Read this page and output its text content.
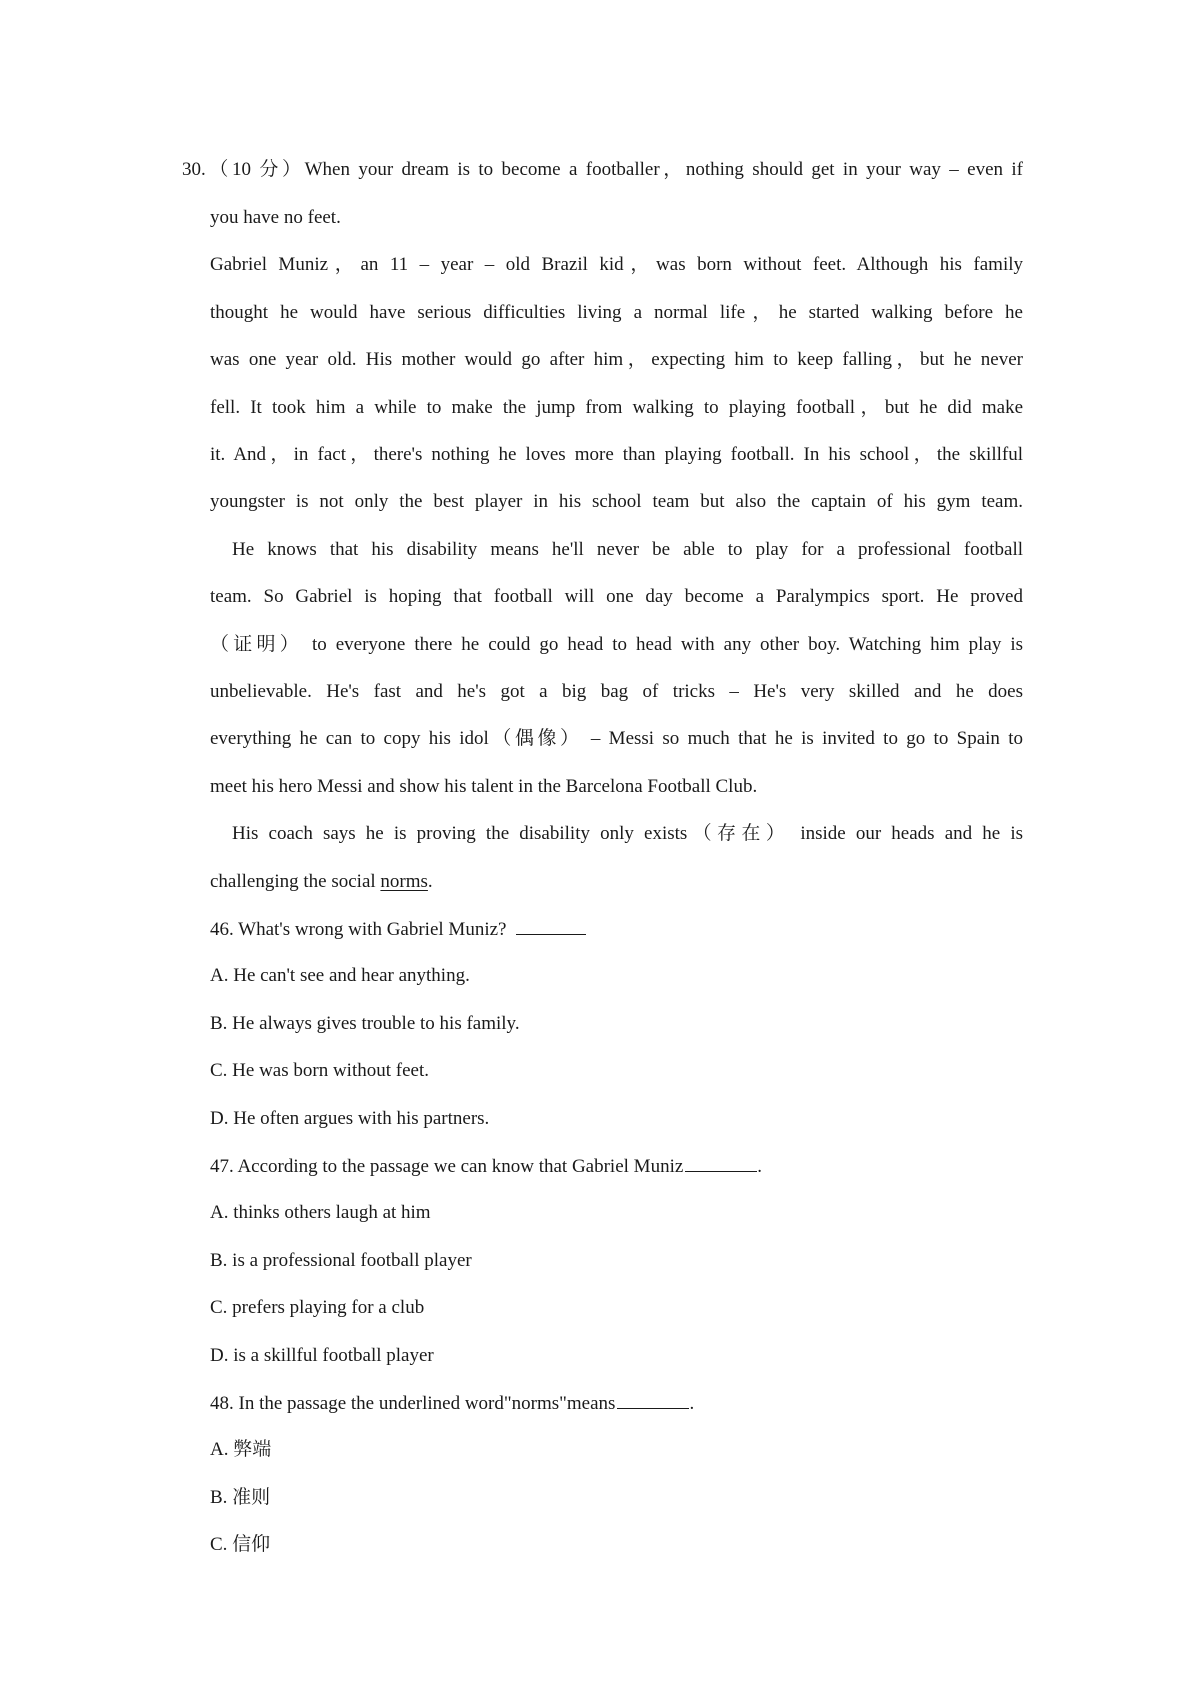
30.（10 分）When your dream is to become a footballer，nothing should get in your way – even if
you have no feet.
Gabriel Muniz，an 11 – year – old Brazil kid，was born without feet. Although his family
thought he would have serious difficulties living a normal life，he started walking before he
was one year old. His mother would go after him，expecting him to keep falling，but he never
fell. It took him a while to make the jump from walking to playing football，but he did make
it. And，in fact，there's nothing he loves more than playing football. In his school，the skillful
youngster is not only the best player in his school team but also the captain of his gym team.
He knows that his disability means he'll never be able to play for a professional football
team. So Gabriel is hoping that football will one day become a Paralympics sport. He proved
（证明） to everyone there he could go head to head with any other boy. Watching him play is
unbelievable. He's fast and he's got a big bag of tricks – He's very skilled and he does
everything he can to copy his idol（偶像） – Messi so much that he is invited to go to Spain to
meet his hero Messi and show his talent in the Barcelona Football Club.
His coach says he is proving the disability only exists（存在） inside our heads and he is
challenging the social norms.
46. What's wrong with Gabriel Muniz?
A. He can't see and hear anything.
B. He always gives trouble to his family.
C. He was born without feet.
D. He often argues with his partners.
47. According to the passage we can know that Gabriel Muniz	.
A. thinks others laugh at him
B. is a professional football player
C. prefers playing for a club
D. is a skillful football player
48. In the passage the underlined word"norms"means	.
A. 弊端
B. 准则
C. 信仰
